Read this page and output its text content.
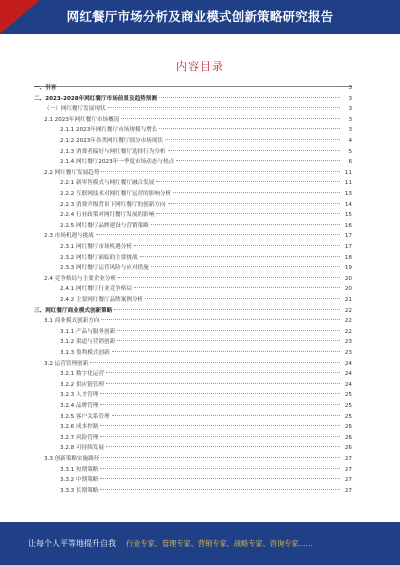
网红餐厅市场分析及商业模式创新策略研究报告
内容目录
一、引言	3
二、2023-2028年网红餐厅市场前景及趋势预测	3
（一）网红餐厅发展现状	3
2.1 2023年网红餐厅市场概况	3
2.1.1 2023年网红餐厅市场规模与增长	3
2.1.2 2023年各类网红餐厅细分市场现状	4
2.1.3 消费者偏好与网红餐厅选择行为分析	5
2.1.4 网红餐厅2023年一季度市场动态与热点	6
2.2 网红餐厅发展趋势	11
2.2.1 新零售模式与网红餐厅融合发展	11
2.2.2 互联网技术对网红餐厅运营的影响分析	13
2.2.3 消费升级背景下网红餐厅的创新方向	14
2.2.4 行业政策对网红餐厅发展的影响	15
2.2.5 网红餐厅品牌建设与营销策略	16
2.3 市场机遇与挑战	17
2.3.1 网红餐厅市场机遇分析	17
2.3.2 网红餐厅面临的主要挑战	18
2.3.3 网红餐厅运营风险与应对措施	19
2.4 竞争格局与主要企业分析	20
2.4.1 网红餐厅行业竞争格局	20
2.4.2 主要网红餐厅品牌案例分析	21
三、网红餐厅商业模式创新策略	22
3.1 商业模式创新方向	22
3.1.1 产品与服务创新	22
3.1.2 渠道与营销创新	23
3.1.3 盈利模式创新	23
3.2 运营管理创新	24
3.2.1 数字化运营	24
3.2.2 供应链管理	24
3.2.3 人才管理	25
3.2.4 品牌管理	25
3.2.5 客户关系管理	25
3.2.6 成本控制	26
3.2.7 风险管理	26
3.2.8 可持续发展	26
3.3 创新策略实施路径	27
3.3.1 短期策略	27
3.3.2 中期策略	27
3.3.3 长期策略	27
让每个人平等地提升自我 行业专家、管理专家、营销专家、战略专家、咨询专家……
